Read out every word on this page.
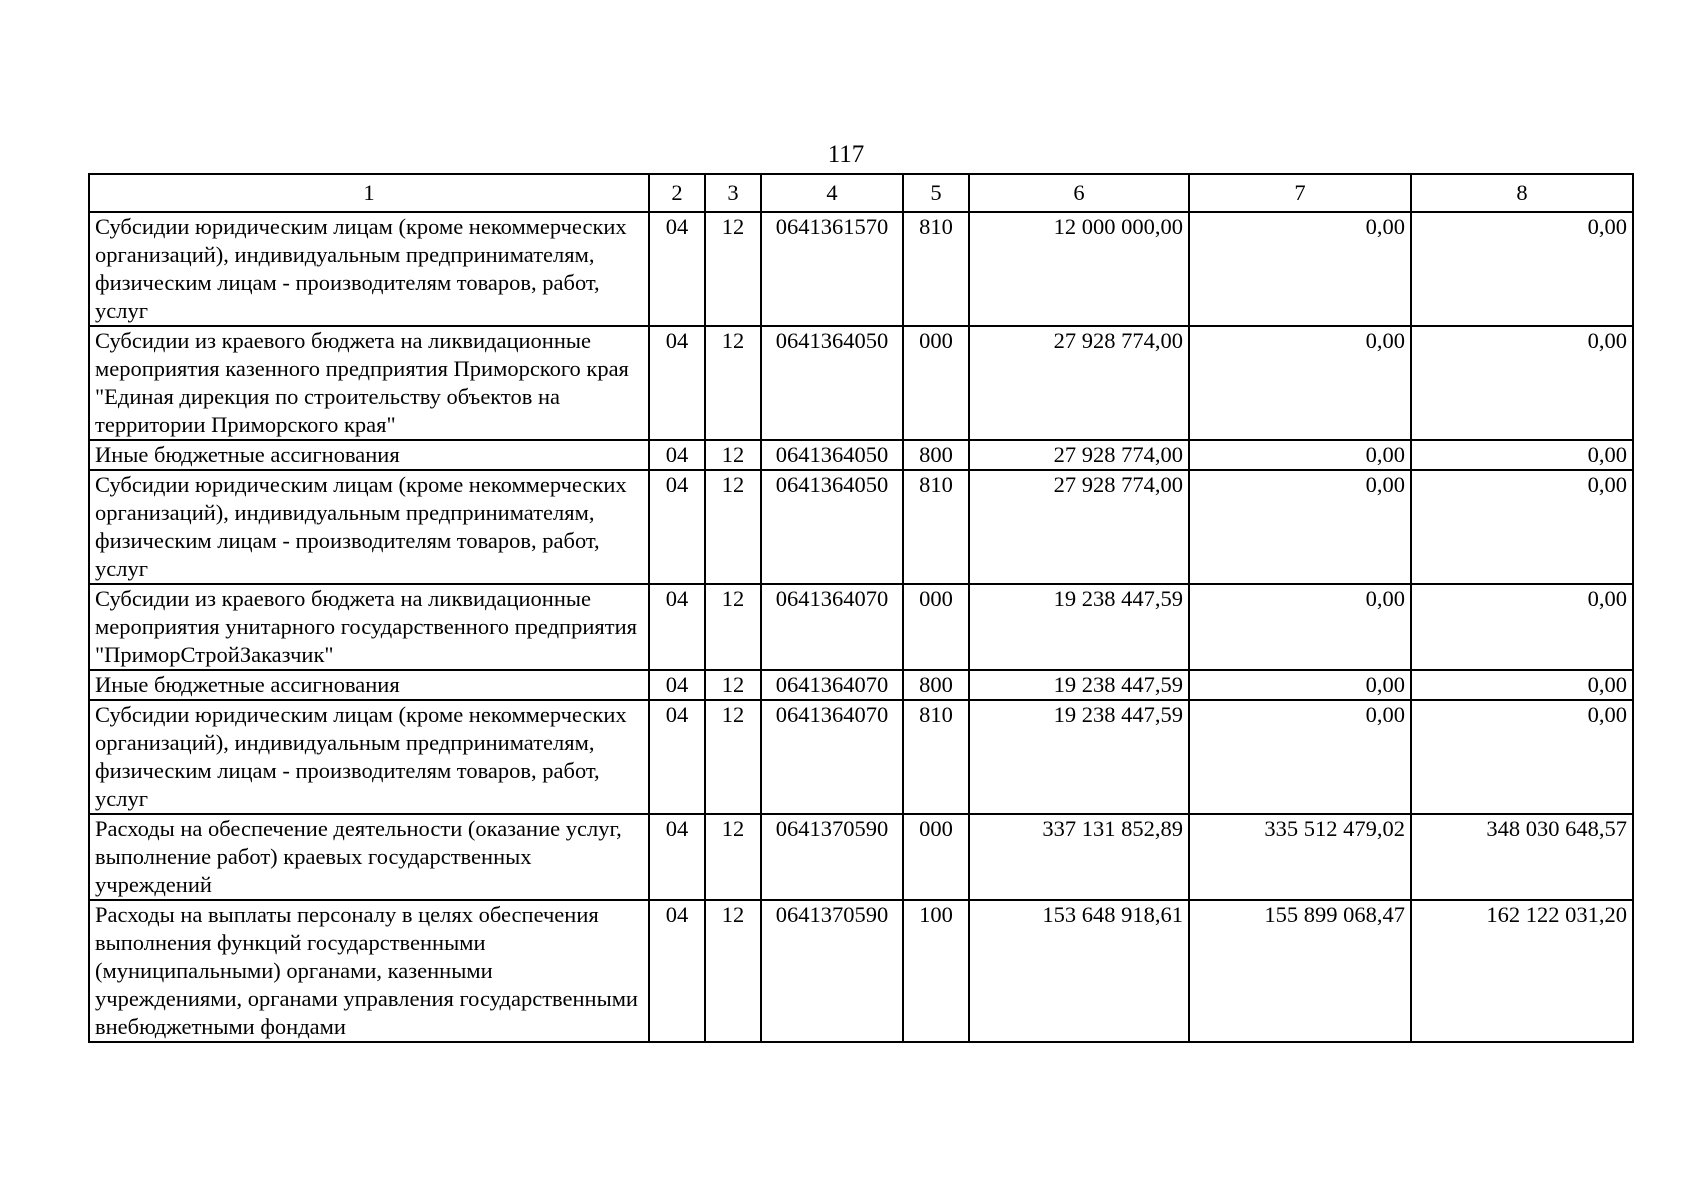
117
1	2	3	4	5	6	7	8
Субсидии юридическим лицам (кроме некоммерческих организаций), индивидуальным предпринимателям, физическим лицам - производителям товаров, работ, услуг	04	12	0641361570	810	12 000 000,00	0,00	0,00
Субсидии из краевого бюджета на ликвидационные мероприятия казенного предприятия Приморского края "Единая дирекция по строительству объектов на территории Приморского края"	04	12	0641364050	000	27 928 774,00	0,00	0,00
Иные бюджетные ассигнования	04	12	0641364050	800	27 928 774,00	0,00	0,00
Субсидии юридическим лицам (кроме некоммерческих организаций), индивидуальным предпринимателям, физическим лицам - производителям товаров, работ, услуг	04	12	0641364050	810	27 928 774,00	0,00	0,00
Субсидии из краевого бюджета на ликвидационные мероприятия унитарного государственного предприятия "ПриморСтройЗаказчик"	04	12	0641364070	000	19 238 447,59	0,00	0,00
Иные бюджетные ассигнования	04	12	0641364070	800	19 238 447,59	0,00	0,00
Субсидии юридическим лицам (кроме некоммерческих организаций), индивидуальным предпринимателям, физическим лицам - производителям товаров, работ, услуг	04	12	0641364070	810	19 238 447,59	0,00	0,00
Расходы на обеспечение деятельности (оказание услуг, выполнение работ) краевых государственных учреждений	04	12	0641370590	000	337 131 852,89	335 512 479,02	348 030 648,57
Расходы на выплаты персоналу в целях обеспечения выполнения функций государственными (муниципальными) органами, казенными учреждениями, органами управления государственными внебюджетными фондами	04	12	0641370590	100	153 648 918,61	155 899 068,47	162 122 031,20
